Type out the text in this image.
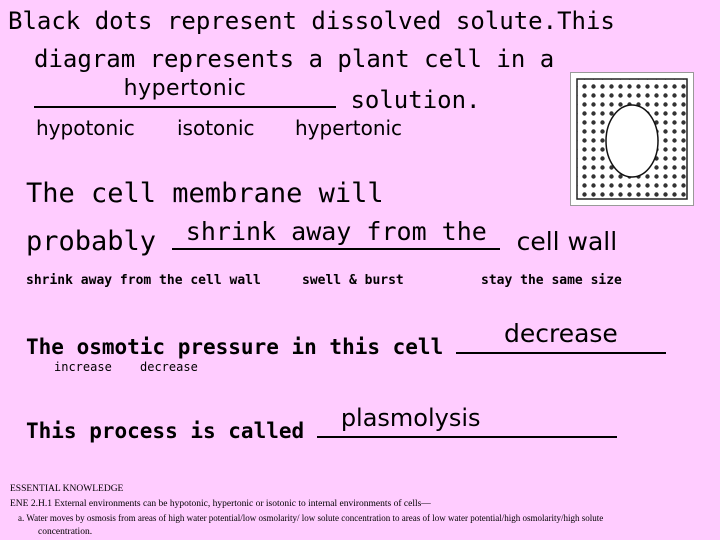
Black dots represent dissolved solute.This
diagram represents a plant cell in a
hypertonic	solution.
hypotonic isotonic hypertonic
The cell membrane will
probably	shrink away from the	cell wall
shrink away from the cell wall	swell & burst	stay the same size
The osmotic pressure in this cell	decrease
increase decrease
This process is called plasmolysis
ESSENTIAL KNOWLEDGE
ENE 2.H.1 External environments can be hypotonic, hypertonic or isotonic to internal environments of cells—
a. Water moves by osmosis from areas of high water potential/low osmolarity/ low solute concentration to areas of low water potential/high osmolarity/high solute
concentration.
